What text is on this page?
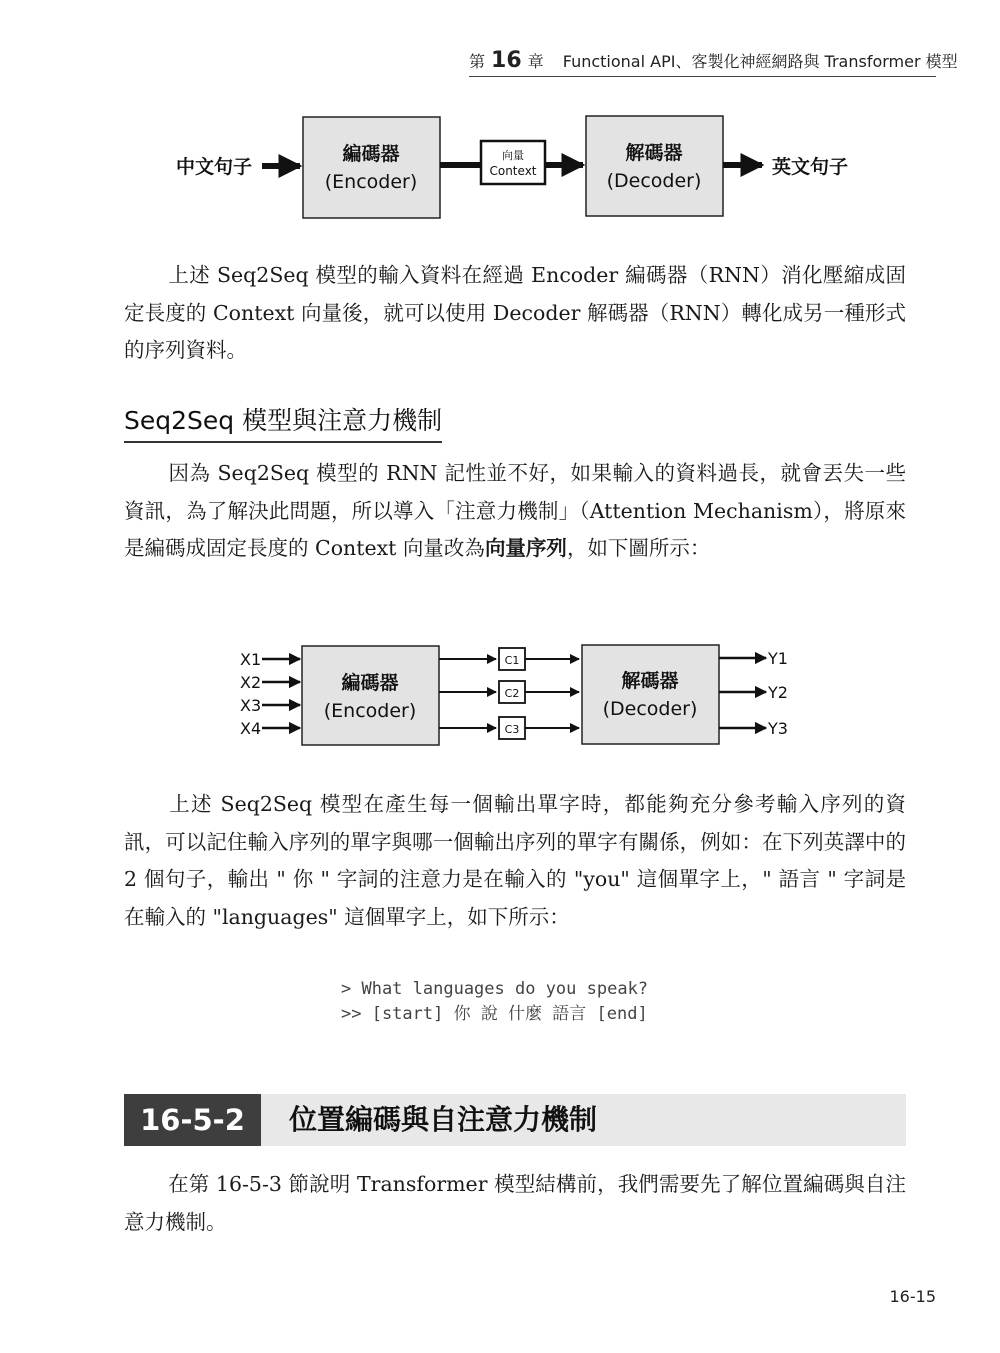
第 16 章 Functional API、客製化神經網路與 Transformer 模型
中文句子
編碼器
(Encoder)
向量
Context
解碼器
(Decoder)
英文句子

上述 Seq2Seq 模型的輸入資料在經過 Encoder 編碼器（RNN）消化壓縮成固定長度的 Context 向量後，就可以使用 Decoder 解碼器（RNN）轉化成另一種形式的序列資料。

Seq2Seq 模型與注意力機制

因為 Seq2Seq 模型的 RNN 記性並不好，如果輸入的資料過長，就會丟失一些資訊，為了解決此問題，所以導入「注意力機制」（Attention Mechanism），將原來是編碼成固定長度的 Context 向量改為向量序列，如下圖所示：

X1
X2
X3
X4
編碼器
(Encoder)
C1
C2
C3
解碼器
(Decoder)
Y1
Y2
Y3

上述 Seq2Seq 模型在產生每一個輸出單字時，都能夠充分參考輸入序列的資訊，可以記住輸入序列的單字與哪一個輸出序列的單字有關係，例如：在下列英譯中的 2 個句子，輸出 " 你 " 字詞的注意力是在輸入的 "you" 這個單字上，" 語言 " 字詞是在輸入的 "languages" 這個單字上，如下所示：

> What languages do you speak?
>> [start] 你 說 什麼 語言 [end]
16-5-2	位置編碼與自注意力機制

在第 16-5-3 節說明 Transformer 模型結構前，我們需要先了解位置編碼與自注意力機制。

16-15
